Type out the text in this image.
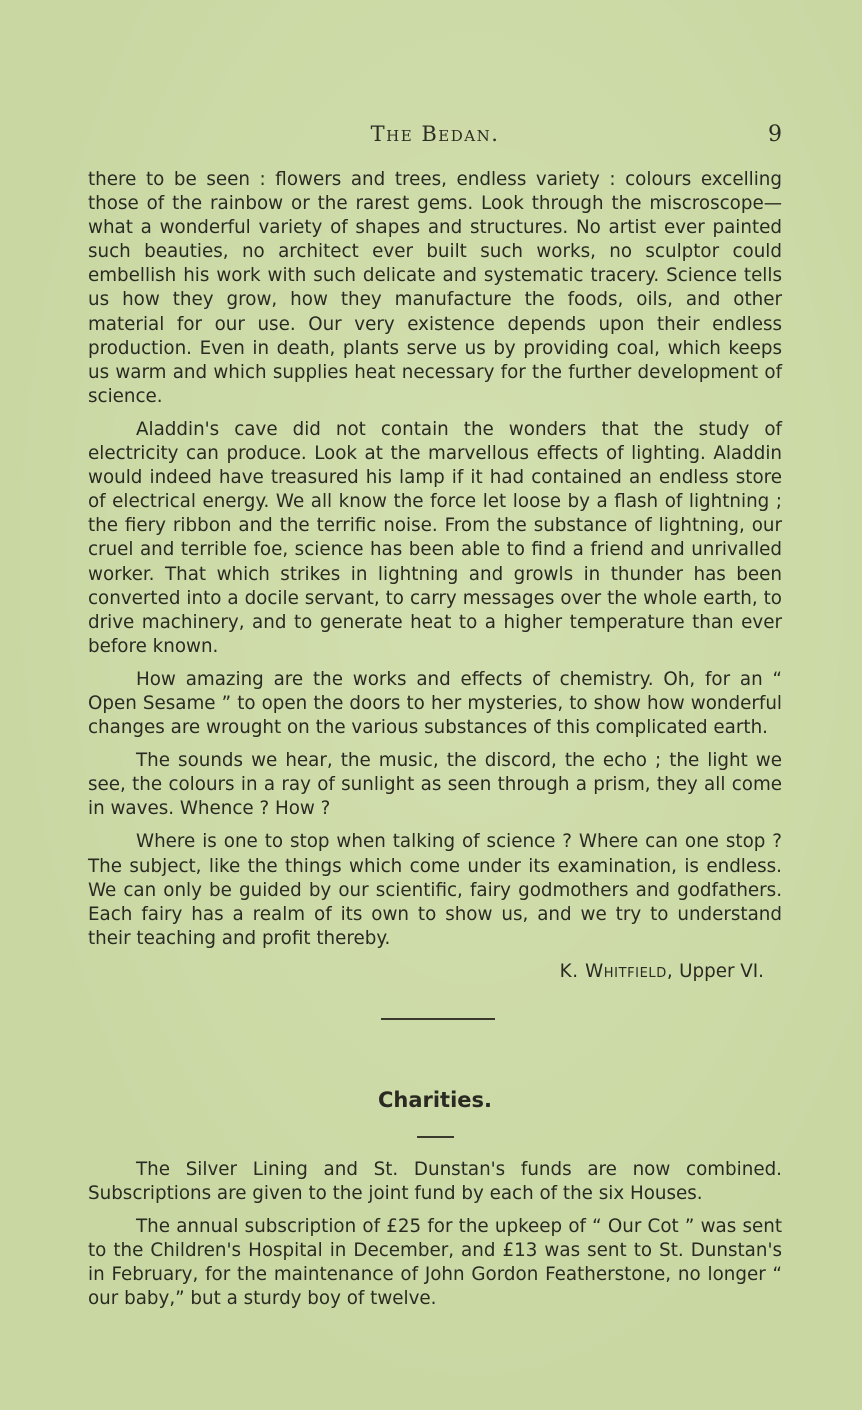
The Bedan.	9

there to be seen : flowers and trees, endless variety : colours excelling those of the rainbow or the rarest gems. Look through the miscroscope—what a wonderful variety of shapes and structures. No artist ever painted such beauties, no architect ever built such works, no sculptor could embellish his work with such delicate and systematic tracery. Science tells us how they grow, how they manufacture the foods, oils, and other material for our use. Our very existence depends upon their endless production. Even in death, plants serve us by providing coal, which keeps us warm and which supplies heat necessary for the further development of science.

Aladdin's cave did not contain the wonders that the study of electricity can produce. Look at the marvellous effects of lighting. Aladdin would indeed have treasured his lamp if it had contained an endless store of electrical energy. We all know the force let loose by a flash of lightning ; the fiery ribbon and the terrific noise. From the substance of lightning, our cruel and terrible foe, science has been able to find a friend and unrivalled worker. That which strikes in lightning and growls in thunder has been converted into a docile servant, to carry messages over the whole earth, to drive machinery, and to generate heat to a higher temperature than ever before known.

How amazing are the works and effects of chemistry. Oh, for an “ Open Sesame ” to open the doors to her mysteries, to show how wonderful changes are wrought on the various substances of this complicated earth.

The sounds we hear, the music, the discord, the echo ; the light we see, the colours in a ray of sunlight as seen through a prism, they all come in waves. Whence ? How ?

Where is one to stop when talking of science ? Where can one stop ? The subject, like the things which come under its examination, is endless. We can only be guided by our scientific, fairy godmothers and godfathers. Each fairy has a realm of its own to show us, and we try to understand their teaching and profit thereby.

K. Whitfield, Upper VI.

Charities.

The Silver Lining and St. Dunstan's funds are now combined. Subscriptions are given to the joint fund by each of the six Houses.

The annual subscription of £25 for the upkeep of “ Our Cot ” was sent to the Children's Hospital in December, and £13 was sent to St. Dunstan's in February, for the maintenance of John Gordon Featherstone, no longer “ our baby,” but a sturdy boy of twelve.
